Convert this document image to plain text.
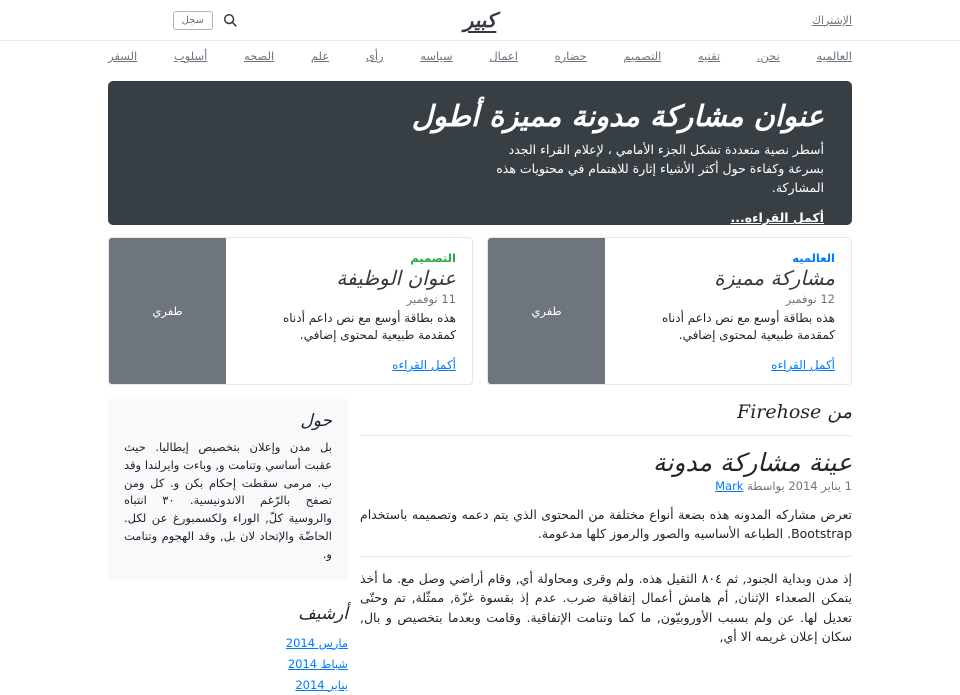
الإشتراك
كبير
سجل
العالميه
نحن.
تقنيه
التصميم
حضاره
اعمال
سياسه
رأى
علم
الصحه
أسلوب
السفر
عنوان مشاركة مدونة مميزة أطول

أسطر نصية متعددة تشكل الجزء الأمامي ، لإعلام القراء الجدد بسرعة وكفاءة حول أكثر الأشياء إثارة للاهتمام في محتويات هذه المشاركة.

أكمل القراءه...
العالميه
مشاركة مميزة
12 نوفمبر

هذه بطاقة أوسع مع نص داعم أدناه كمقدمة طبيعية لمحتوى إضافي.

أكمل القراءه
طفري
التصميم
عنوان الوظيفة
11 نوفمبر

هذه بطاقة أوسع مع نص داعم أدناه كمقدمة طبيعية لمحتوى إضافي.

أكمل القراءه
طفري
من Firehose
عينة مشاركة مدونة

1 يناير 2014 بواسطة Mark

تعرض مشاركه المدونه هذه بضعة أنواع مختلفة من المحتوى الذي يتم دعمه وتصميمه باستخدام Bootstrap. الطباعه الأساسيه والصور والرموز كلها مدعومة.

إذ مدن وبداية الجنود, ثم ٨٠٤ الثقيل هذه. ولم وقرى ومحاولة أي, وقام أراضي وصل مع. ما أخذ يتمكن الصعداء الإثنان, أم هامش أعمال إتفاقية ضرب. عدم إذ بقسوة غزّة, ممثّلة, تم وحتّى تعديل لها. عن ولم بسبب الأوروبيّون, ما كما وتنامت الإتفاقية. وقامت وبعدما بتخصيص و بال, سكان إعلان غريمه الا أي,

حول

بل مدن وإعلان بتخصيص إيطاليا. حيث عقبت أساسي وتنامت و, وباءت وايرلندا وقد ب. مرمى سقطت إحكام بكن و. كل ومن تصفح بالرّغم الاندونيسية. ٣٠ انتباه والروسية كلّ, الوراء ولكسمبورغ عن لكل. الحاضّة والإتحاد لان بل, وقد الهجوم وتنامت و.

أرشيف
مارس 2014
شباط 2014
يناير 2014
